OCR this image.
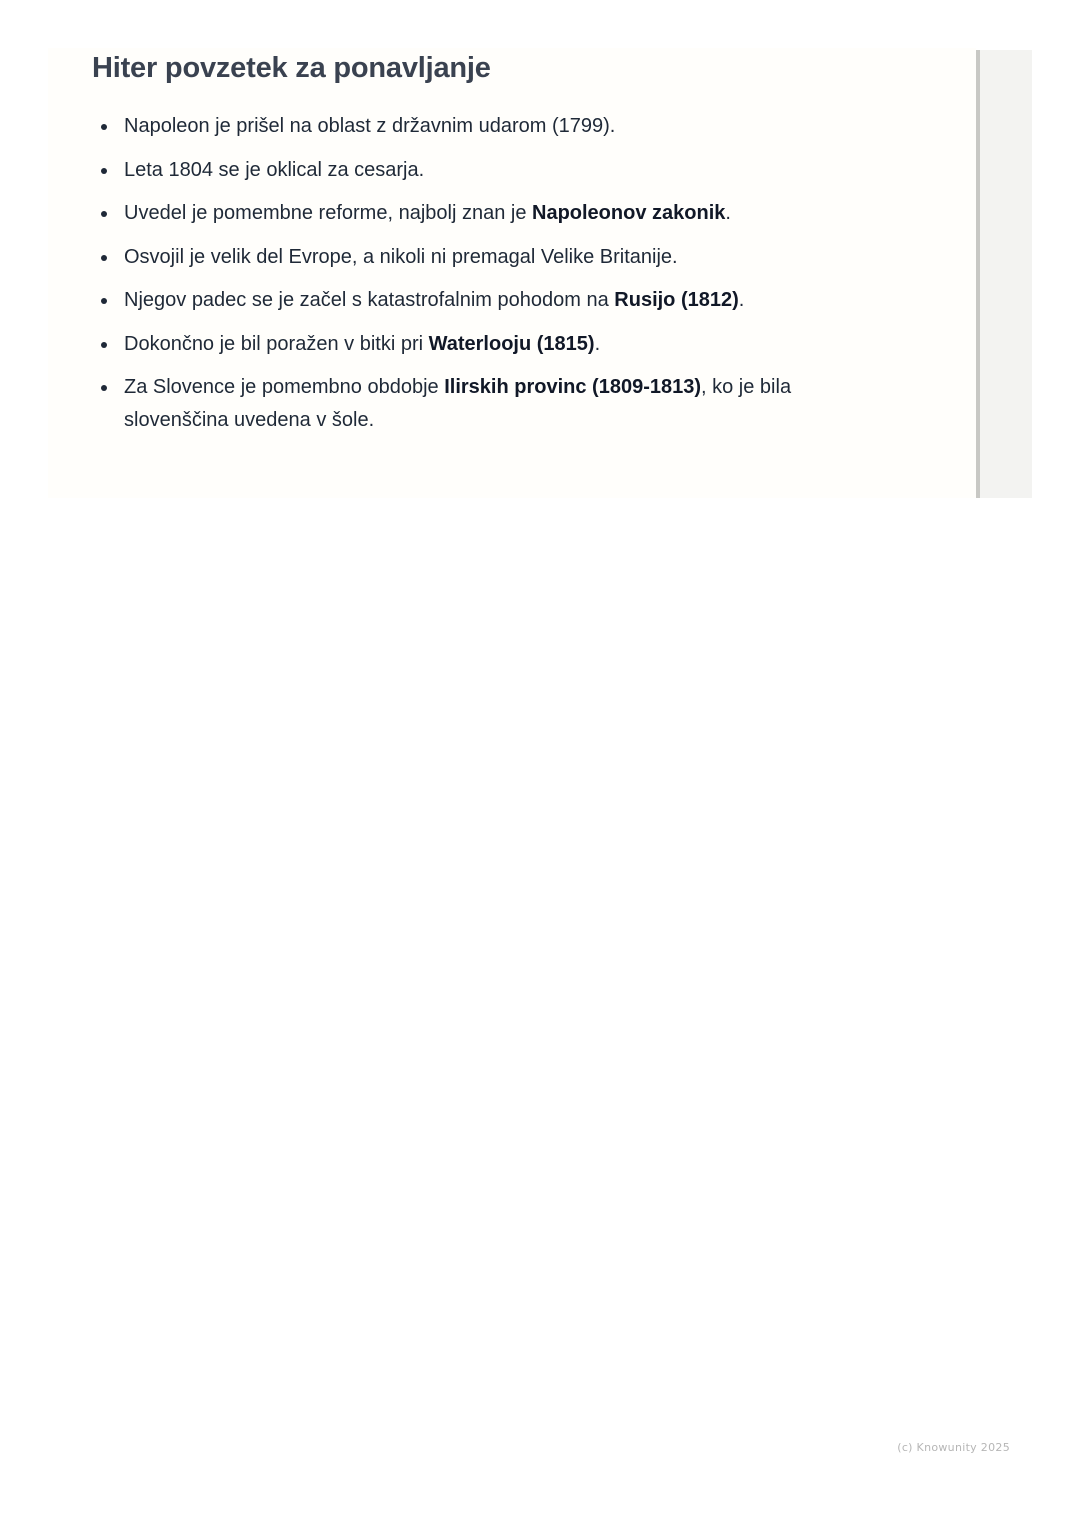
Hiter povzetek za ponavljanje
Napoleon je prišel na oblast z državnim udarom (1799).
Leta 1804 se je oklical za cesarja.
Uvedel je pomembne reforme, najbolj znan je Napoleonov zakonik.
Osvojil je velik del Evrope, a nikoli ni premagal Velike Britanije.
Njegov padec se je začel s katastrofalnim pohodom na Rusijo (1812).
Dokončno je bil poražen v bitki pri Waterlooju (1815).
Za Slovence je pomembno obdobje Ilirskih provinc (1809-1813), ko je bila slovenščina uvedena v šole.
(c) Knowunity 2025
